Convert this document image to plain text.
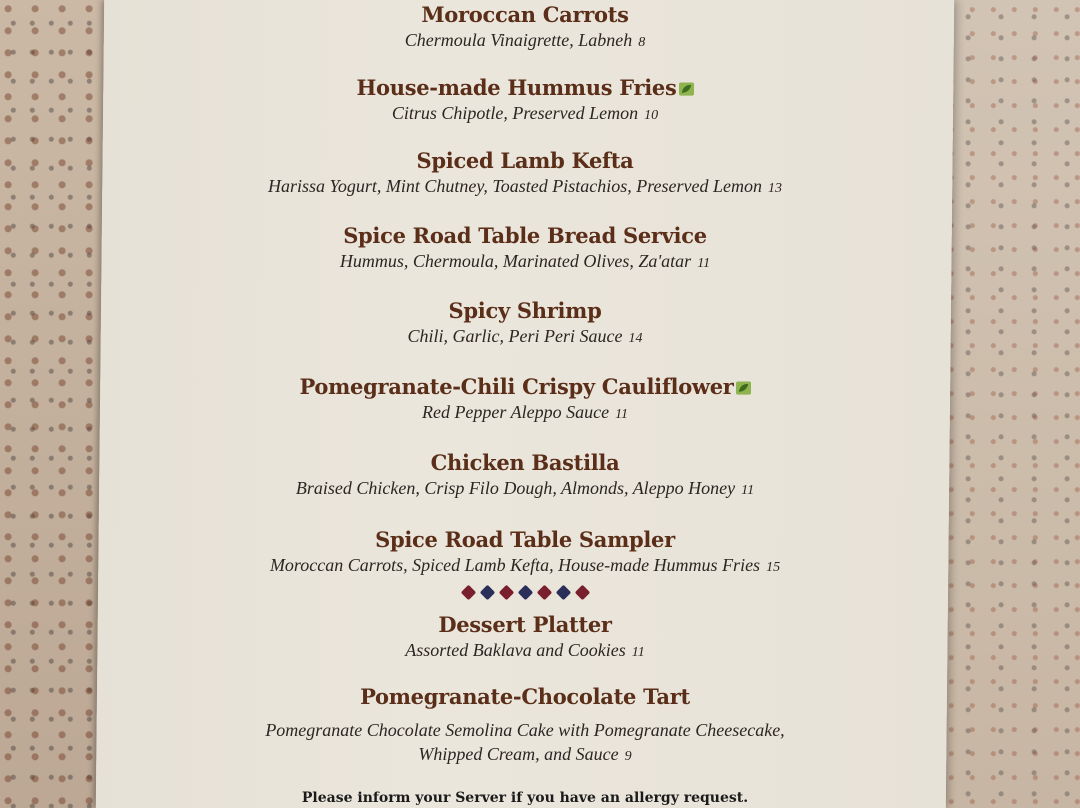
Moroccan Carrots
Chermoula Vinaigrette, Labneh 8
House-made Hummus Fries
Citrus Chipotle, Preserved Lemon 10
Spiced Lamb Kefta
Harissa Yogurt, Mint Chutney, Toasted Pistachios, Preserved Lemon 13
Spice Road Table Bread Service
Hummus, Chermoula, Marinated Olives, Za'atar 11
Spicy Shrimp
Chili, Garlic, Peri Peri Sauce 14
Pomegranate-Chili Crispy Cauliflower
Red Pepper Aleppo Sauce 11
Chicken Bastilla
Braised Chicken, Crisp Filo Dough, Almonds, Aleppo Honey 11
Spice Road Table Sampler
Moroccan Carrots, Spiced Lamb Kefta, House-made Hummus Fries 15
Dessert Platter
Assorted Baklava and Cookies 11
Pomegranate-Chocolate Tart
Pomegranate Chocolate Semolina Cake with Pomegranate Cheesecake,
Whipped Cream, and Sauce 9
Please inform your Server if you have an allergy request.
